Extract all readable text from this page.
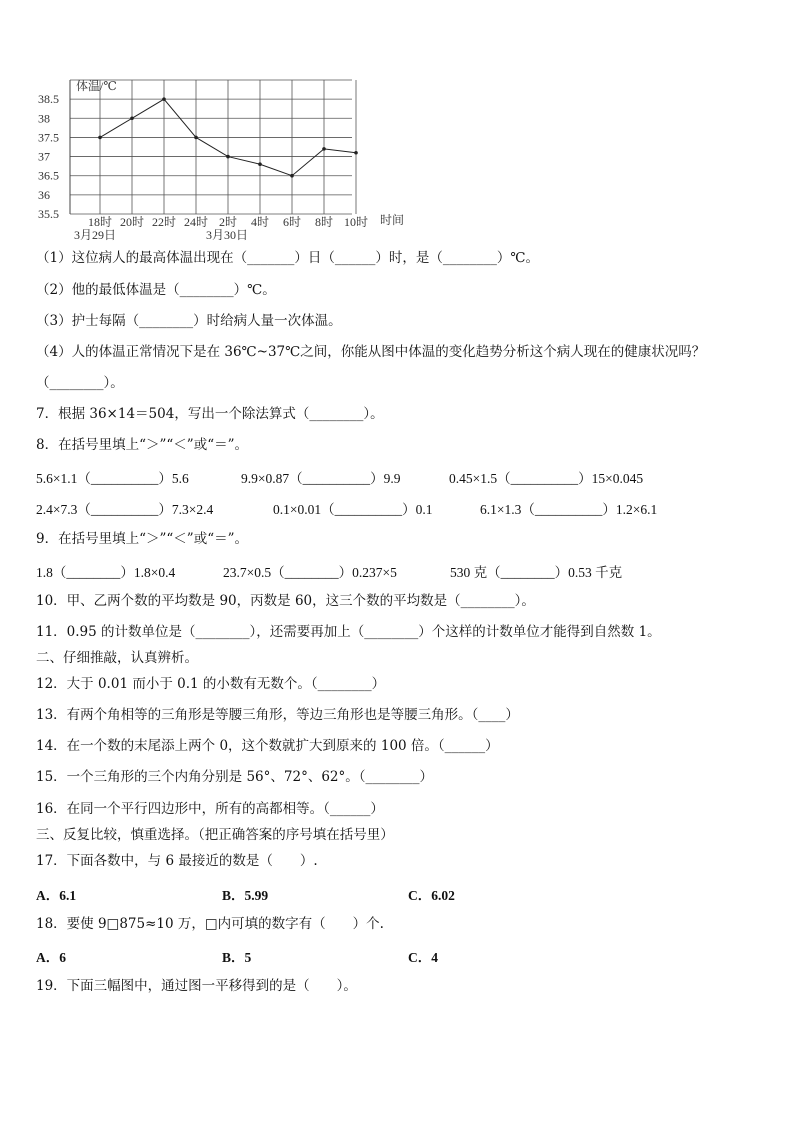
38.5
38
37.5
37
36.5
36
35.5
18时 20时 22时 24时 2时 4时 6时 8时 10时
体温/℃
时间
3月29日	3月30日
（1）这位病人的最高体温出现在（_______）日（______）时，是（________）℃。
（2）他的最低体温是（________）℃。
（3）护士每隔（________）时给病人量一次体温。
（4）人的体温正常情况下是在 36℃~37℃之间，你能从图中体温的变化趋势分析这个病人现在的健康状况吗？
（________）。
7．根据 36×14＝504，写出一个除法算式（________）。
8．在括号里填上“＞”“＜”或“＝”。
5.6×1.1（__________）5.6	9.9×0.87（__________）9.9	0.45×1.5（__________）15×0.045
2.4×7.3（__________）7.3×2.4	0.1×0.01（__________）0.1	6.1×1.3（__________）1.2×6.1
9．在括号里填上“＞”“＜”或“＝”。
1.8（________）1.8×0.4	23.7×0.5（________）0.237×5	530 克（________）0.53 千克
10．甲、乙两个数的平均数是 90，丙数是 60，这三个数的平均数是（________）。
11．0.95 的计数单位是（________），还需要再加上（________）个这样的计数单位才能得到自然数 1。
二、仔细推敲，认真辨析。
12．大于 0.01 而小于 0.1 的小数有无数个。（________）
13．有两个角相等的三角形是等腰三角形，等边三角形也是等腰三角形。（____）
14．在一个数的末尾添上两个 0，这个数就扩大到原来的 100 倍。（______）
15．一个三角形的三个内角分别是 56°、72°、62°。（________）
16．在同一个平行四边形中，所有的高都相等。（______）
三、反复比较，慎重选择。（把正确答案的序号填在括号里）
17．下面各数中，与 6 最接近的数是（　　）.
A．6.1	B．5.99	C．6.02
18．要使 9□875≈10 万，□内可填的数字有（　　）个.
A．6	B．5	C．4
19．下面三幅图中，通过图一平移得到的是（　　）。
